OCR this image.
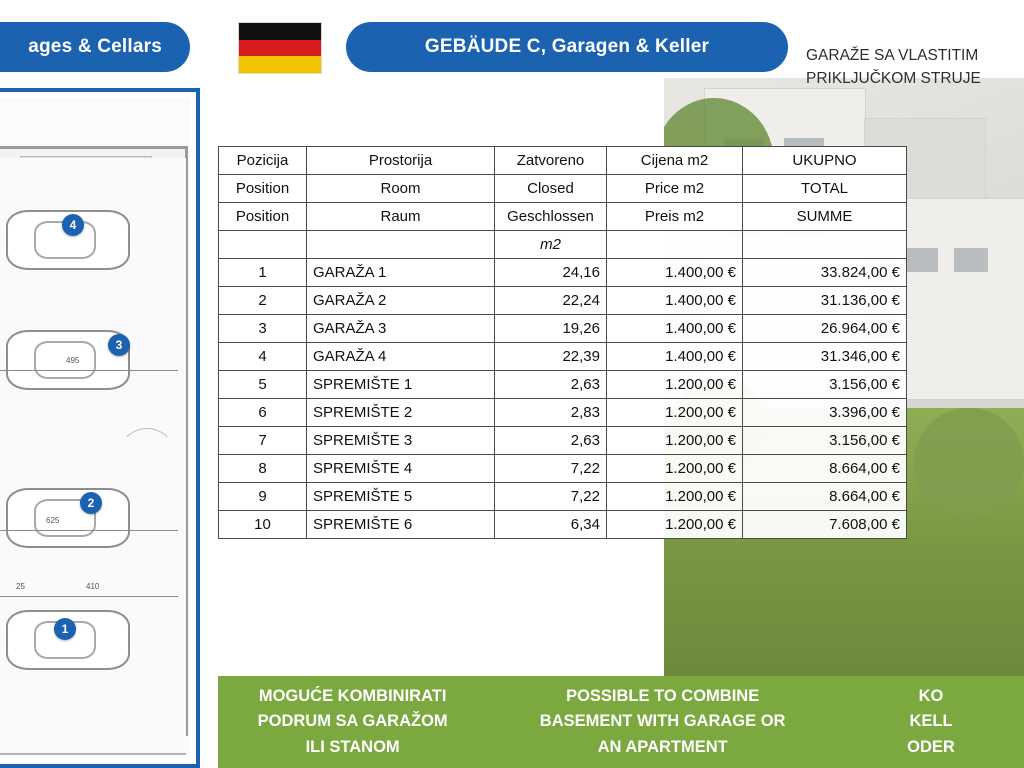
495
625
410
25
4
3
2
1
ages & Cellars	GEBÄUDE C, Garagen & Keller	GARAŽE SA VLASTITIM
PRIKLJUČKOM STRUJE
Pozicija	Prostorija	Zatvoreno	Cijena m2	UKUPNO
Position	Room	Closed	Price m2	TOTAL
Position	Raum	Geschlossen	Preis m2	SUMME
		m2		
1	GARAŽA 1	24,16	1.400,00 €	33.824,00 €
2	GARAŽA 2	22,24	1.400,00 €	31.136,00 €
3	GARAŽA 3	19,26	1.400,00 €	26.964,00 €
4	GARAŽA 4	22,39	1.400,00 €	31.346,00 €
5	SPREMIŠTE 1	2,63	1.200,00 €	3.156,00 €
6	SPREMIŠTE 2	2,83	1.200,00 €	3.396,00 €
7	SPREMIŠTE 3	2,63	1.200,00 €	3.156,00 €
8	SPREMIŠTE 4	7,22	1.200,00 €	8.664,00 €
9	SPREMIŠTE 5	7,22	1.200,00 €	8.664,00 €
10	SPREMIŠTE 6	6,34	1.200,00 €	7.608,00 €
MOGUĆE KOMBINIRATI
PODRUM SA GARAŽOM
ILI STANOM
POSSIBLE TO COMBINE
BASEMENT WITH GARAGE OR
AN APARTMENT
KO
KELL
ODER
